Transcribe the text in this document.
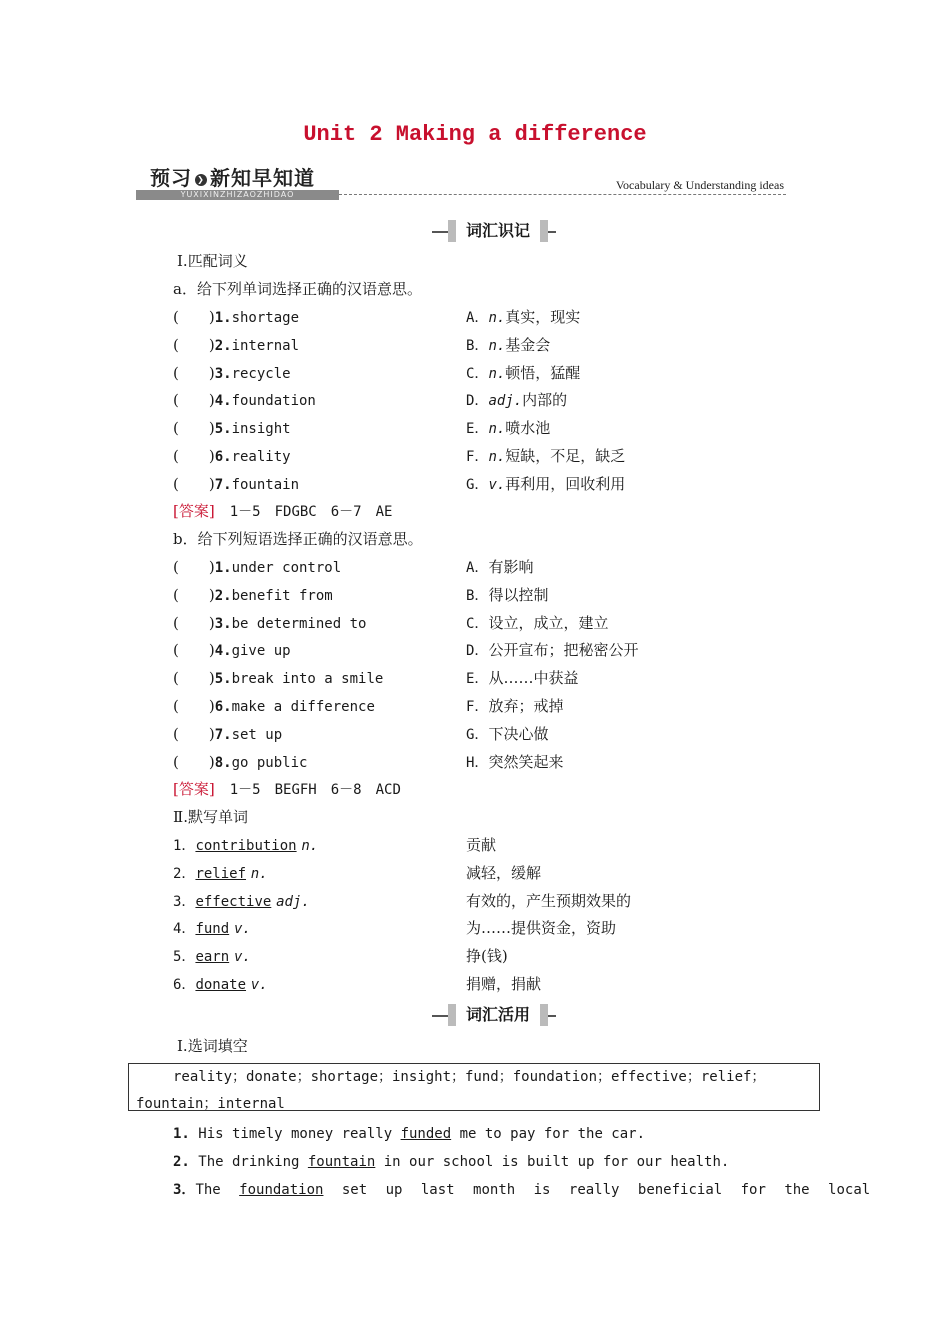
Unit 2 Making a difference
预习 ❯ 新知早知道
YUXIXINZHIZAOZHIDAO
Vocabulary & Understanding ideas
词汇识记
Ⅰ.匹配词义
a．给下列单词选择正确的汉语意思。
(　　)1.shortage	A．n.真实，现实
(　　)2.internal	B．n.基金会
(　　)3.recycle	C．n.顿悟，猛醒
(　　)4.foundation	D．adj.内部的
(　　)5.insight	E．n.喷水池
(　　)6.reality	F．n.短缺，不足，缺乏
(　　)7.fountain	G．v.再利用，回收利用
[答案]　 1－5　FDGBC　6－7　AE
b．给下列短语选择正确的汉语意思。
(　　)1.under control	A．有影响
(　　)2.benefit from	B．得以控制
(　　)3.be determined to	C．设立，成立，建立
(　　)4.give up	D．公开宣布；把秘密公开
(　　)5.break into a smile	E．从……中获益
(　　)6.make a difference	F．放弃；戒掉
(　　)7.set up	G．下决心做
(　　)8.go public	H．突然笑起来
[答案]　 1－5　BEGFH　6－8　ACD
Ⅱ.默写单词
1．contribution n.	贡献
2．relief n.	减轻，缓解
3．effective adj.	有效的，产生预期效果的
4．fund v.	为……提供资金，资助
5．earn v.	挣(钱)
6．donate v.	捐赠，捐献
词汇活用
Ⅰ.选词填空
reality；donate；shortage；insight；fund；foundation；effective；relief；
fountain；internal
1. His timely money really funded me to pay for the car.
2. The drinking fountain in our school is built up for our health.
3．The foundation set up last month is really beneficial for the local
